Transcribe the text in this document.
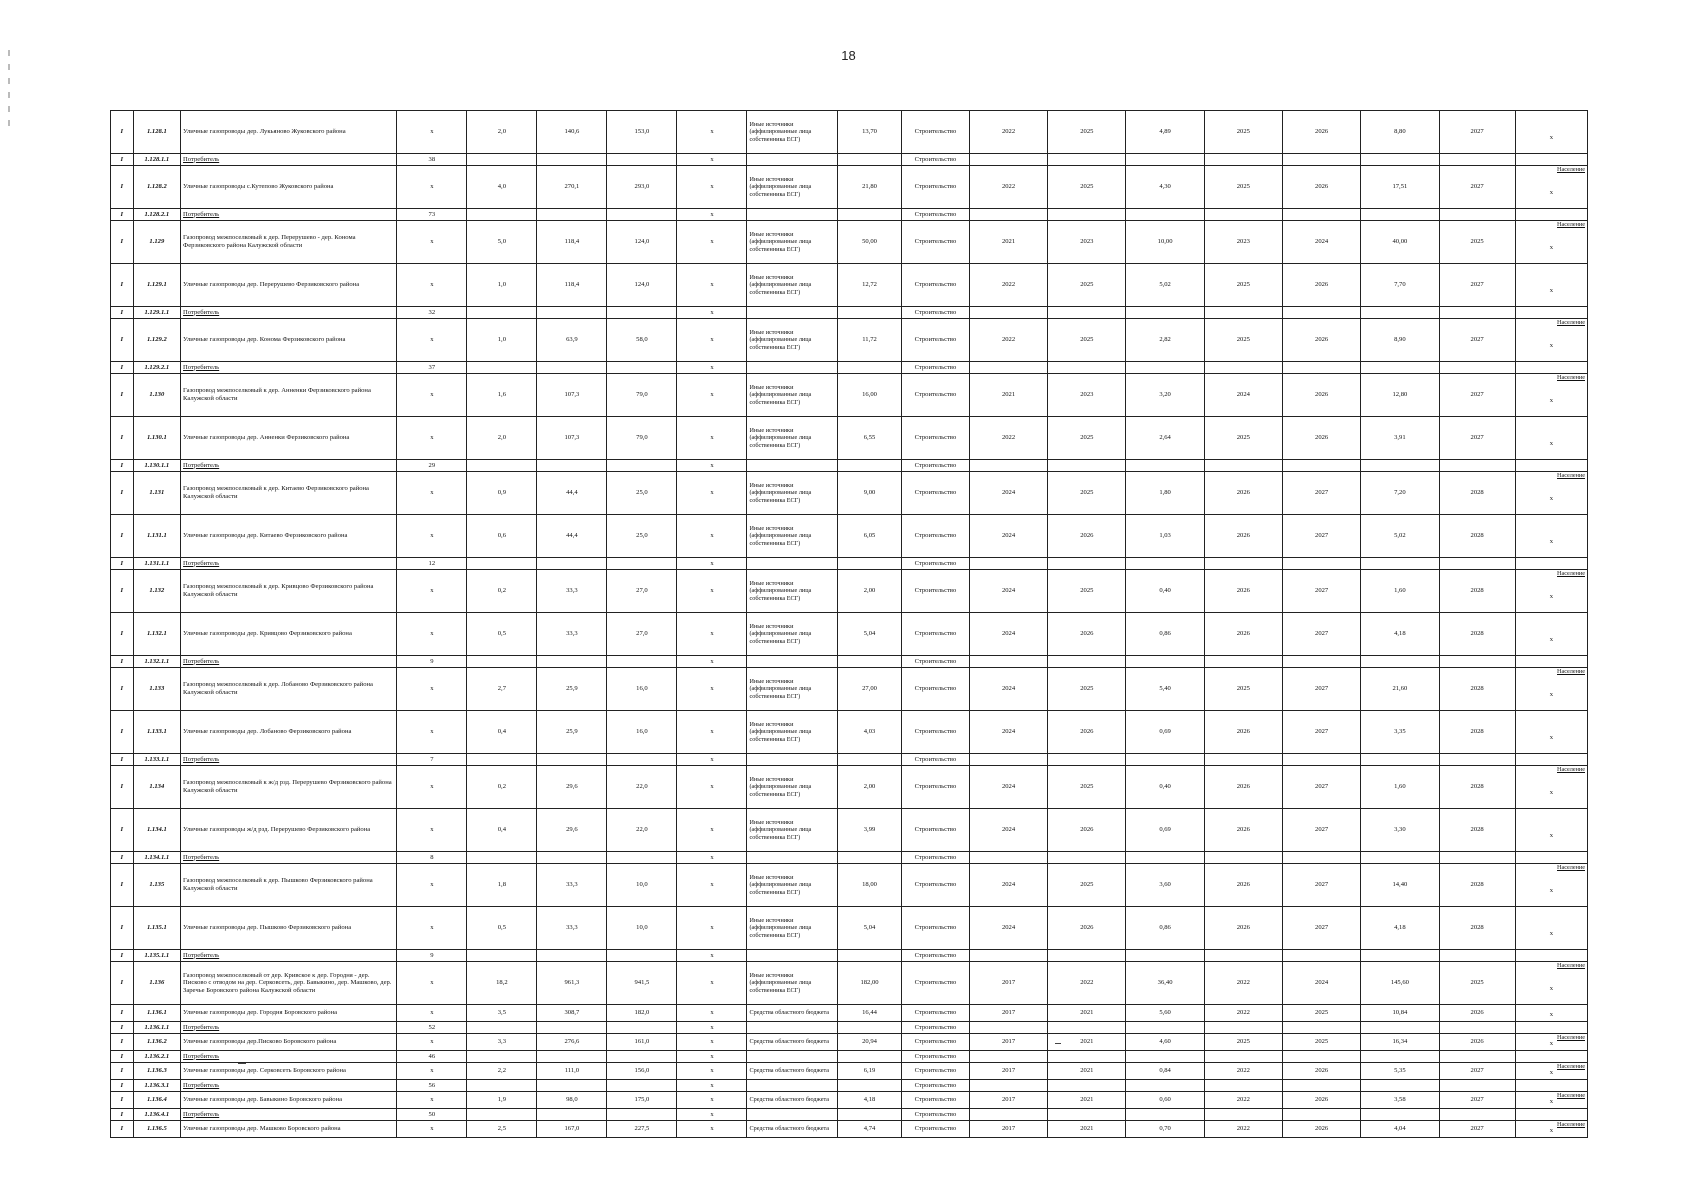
18
I	1.128.1	Уличные газопроводы дер. Лукьяново Жуковского района	х	2,0	140,6	153,0	х	Иные источники (аффилированные лица собственника ЕСГ)	13,70	Строительство	2022	2025	4,89	2025	2026	8,80	2027	х

I	1.128.1.1	Потребитель	38				х			Строительство								
I	1.128.2	Уличные газопроводы с.Кутепово Жуковского района	х	4,0	270,1	293,0	х	Иные источники (аффилированные лица собственника ЕСГ)	21,80	Строительство	2022	2025	4,30	2025	2026	17,51	2027	Население
х

I	1.128.2.1	Потребитель	73				х			Строительство								
I	1.129	Газопровод межпоселковый к дер. Перерушево - дер. Конома Ферзиковского района Калужской области	х	5,0	118,4	124,0	х	Иные источники (аффилированные лица собственника ЕСГ)	50,00	Строительство	2021	2023	10,00	2023	2024	40,00	2025	Население
х

I	1.129.1	Уличные газопроводы дер. Перерушево Ферзиковского района	х	1,0	118,4	124,0	х	Иные источники (аффилированные лица собственника ЕСГ)	12,72	Строительство	2022	2025	5,02	2025	2026	7,70	2027	х

I	1.129.1.1	Потребитель	32				х			Строительство								
I	1.129.2	Уличные газопроводы дер. Конома Ферзиковского района	х	1,0	63,9	58,0	х	Иные источники (аффилированные лица собственника ЕСГ)	11,72	Строительство	2022	2025	2,82	2025	2026	8,90	2027	Население
х

I	1.129.2.1	Потребитель	37				х			Строительство								
I	1.130	Газопровод межпоселковый к дер. Анненки Ферзиковского района Калужской области	х	1,6	107,3	79,0	х	Иные источники (аффилированные лица собственника ЕСГ)	16,00	Строительство	2021	2023	3,20	2024	2026	12,80	2027	Население
х

I	1.130.1	Уличные газопроводы дер. Анненки Ферзиковского района	х	2,0	107,3	79,0	х	Иные источники (аффилированные лица собственника ЕСГ)	6,55	Строительство	2022	2025	2,64	2025	2026	3,91	2027	х

I	1.130.1.1	Потребитель	29				х			Строительство								
I	1.131	Газопровод межпоселковый к дер. Китаево Ферзиковского района Калужской области	х	0,9	44,4	25,0	х	Иные источники (аффилированные лица собственника ЕСГ)	9,00	Строительство	2024	2025	1,80	2026	2027	7,20	2028	Население
х

I	1.131.1	Уличные газопроводы дер. Китаево Ферзиковского района	х	0,6	44,4	25,0	х	Иные источники (аффилированные лица собственника ЕСГ)	6,05	Строительство	2024	2026	1,03	2026	2027	5,02	2028	х

I	1.131.1.1	Потребитель	12				х			Строительство								
I	1.132	Газопровод межпоселковый к дер. Кривцово Ферзиковского района Калужской области	х	0,2	33,3	27,0	х	Иные источники (аффилированные лица собственника ЕСГ)	2,00	Строительство	2024	2025	0,40	2026	2027	1,60	2028	Население
х

I	1.132.1	Уличные газопроводы дер. Кривцово Ферзиковского района	х	0,5	33,3	27,0	х	Иные источники (аффилированные лица собственника ЕСГ)	5,04	Строительство	2024	2026	0,86	2026	2027	4,18	2028	х

I	1.132.1.1	Потребитель	9				х			Строительство								
I	1.133	Газопровод межпоселковый к дер. Лобаново Ферзиковского района Калужской области	х	2,7	25,9	16,0	х	Иные источники (аффилированные лица собственника ЕСГ)	27,00	Строительство	2024	2025	5,40	2025	2027	21,60	2028	Население
х

I	1.133.1	Уличные газопроводы дер. Лобаново Ферзиковского района	х	0,4	25,9	16,0	х	Иные источники (аффилированные лица собственника ЕСГ)	4,03	Строительство	2024	2026	0,69	2026	2027	3,35	2028	х

I	1.133.1.1	Потребитель	7				х			Строительство								
I	1.134	Газопровод межпоселковый к ж/д рзд. Перерушево Ферзиковского района Калужской области	х	0,2	29,6	22,0	х	Иные источники (аффилированные лица собственника ЕСГ)	2,00	Строительство	2024	2025	0,40	2026	2027	1,60	2028	Население
х

I	1.134.1	Уличные газопроводы ж/д рзд. Перерушево Ферзиковского района	х	0,4	29,6	22,0	х	Иные источники (аффилированные лица собственника ЕСГ)	3,99	Строительство	2024	2026	0,69	2026	2027	3,30	2028	х

I	1.134.1.1	Потребитель	8				х			Строительство								
I	1.135	Газопровод межпоселковый к дер. Пышково Ферзиковского района Калужской области	х	1,8	33,3	10,0	х	Иные источники (аффилированные лица собственника ЕСГ)	18,00	Строительство	2024	2025	3,60	2026	2027	14,40	2028	Население
х

I	1.135.1	Уличные газопроводы дер. Пышково Ферзиковского района	х	0,5	33,3	10,0	х	Иные источники (аффилированные лица собственника ЕСГ)	5,04	Строительство	2024	2026	0,86	2026	2027	4,18	2028	х

I	1.135.1.1	Потребитель	9				х			Строительство								
I	1.136	Газопровод межпоселковый от дер. Кривское к дер. Городня - дер. Писково с отводом на дер. Серковсеть, дер. Бавыкино, дер. Машково, дер. Заречье Боровского района Калужской области	х	18,2	961,3	941,5	х	Иные источники (аффилированные лица собственника ЕСГ)	182,00	Строительство	2017	2022	36,40	2022	2024	145,60	2025	Население
х

I	1.136.1	Уличные газопроводы дер. Городня Боровского района	х	3,5	308,7	182,0	х	Средства областного бюджета	16,44	Строительство	2017	2021	5,60	2022	2025	10,84	2026	х

I	1.136.1.1	Потребитель	52				х			Строительство								
I	1.136.2	Уличные газопроводы дер.Писково Боровского района	х	3,3	276,6	161,0	х	Средства областного бюджета	20,94	Строительство	2017	2021	4,60	2025	2025	16,34	2026	Население
х

I	1.136.2.1	Потребитель	46				х			Строительство								
I	1.136.3	Уличные газопроводы дер. Серковсеть Боровского района	х	2,2	111,0	156,0	х	Средства областного бюджета	6,19	Строительство	2017	2021	0,84	2022	2026	5,35	2027	Население
х

I	1.136.3.1	Потребитель	56				х			Строительство								
I	1.136.4	Уличные газопроводы дер. Бавыкино Боровского района	х	1,9	98,0	175,0	х	Средства областного бюджета	4,18	Строительство	2017	2021	0,60	2022	2026	3,58	2027	Население
х

I	1.136.4.1	Потребитель	50				х			Строительство								
I	1.136.5	Уличные газопроводы дер. Машково Боровского района	х	2,5	167,0	227,5	х	Средства областного бюджета	4,74	Строительство	2017	2021	0,70	2022	2026	4,04	2027	Население
х
